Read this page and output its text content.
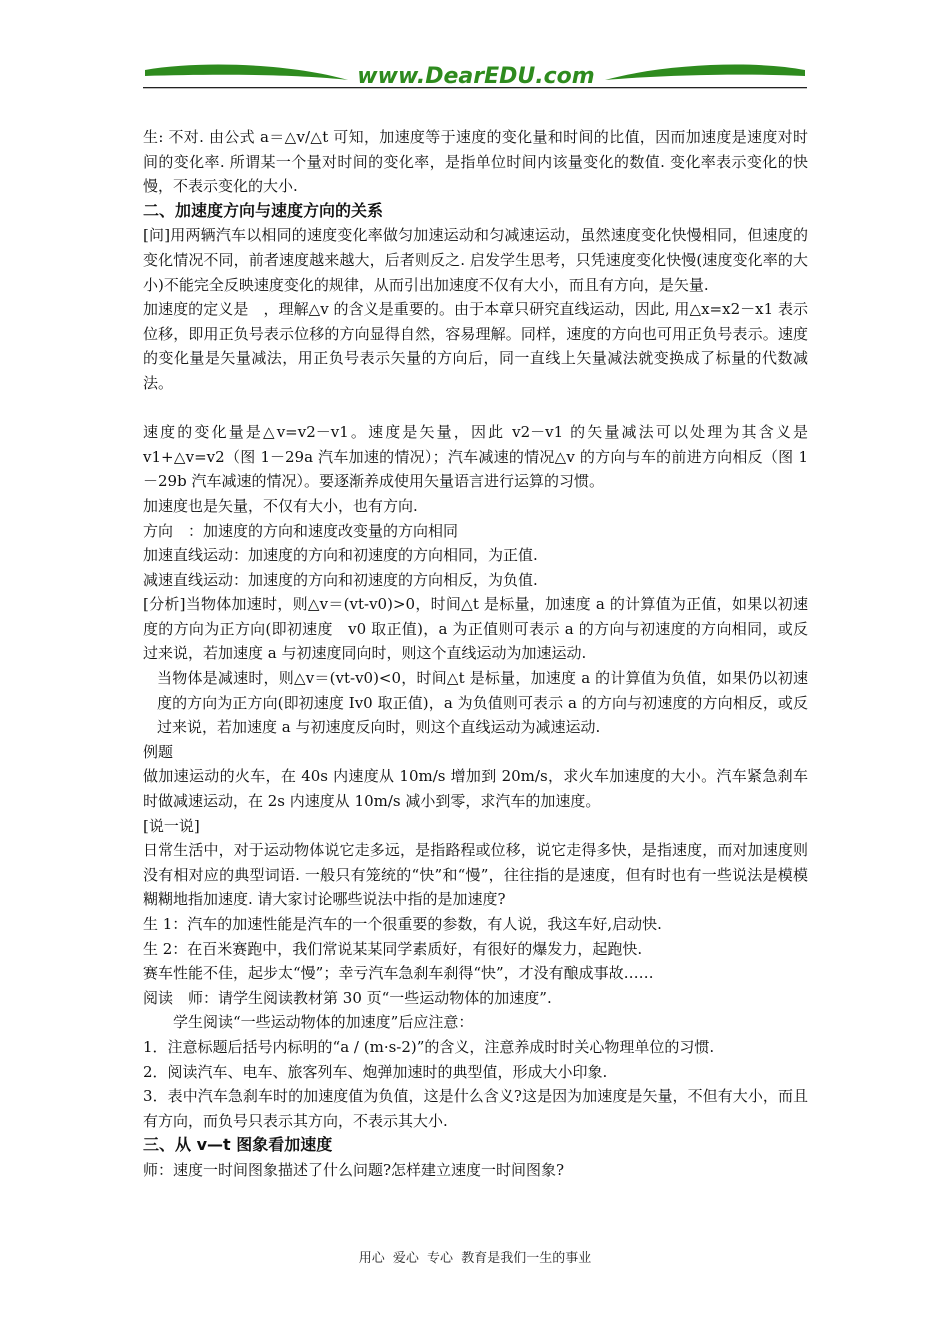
www.DearEDU.com

生: 不对. 由公式 a＝△v/△t 可知，加速度等于速度的变化量和时间的比值，因而加速度是速度对时间的变化率. 所谓某一个量对时间的变化率，是指单位时间内该量变化的数值. 变化率表示变化的快慢，不表示变化的大小.

二、加速度方向与速度方向的关系

[问]用两辆汽车以相同的速度变化率做匀加速运动和匀减速运动，虽然速度变化快慢相同，但速度的变化情况不同，前者速度越来越大，后者则反之. 启发学生思考，只凭速度变化快慢(速度变化率的大小)不能完全反映速度变化的规律，从而引出加速度不仅有大小，而且有方向，是矢量.

加速度的定义是　，理解△v 的含义是重要的。由于本章只研究直线运动，因此, 用△x=x2－x1 表示位移，即用正负号表示位移的方向显得自然，容易理解。同样，速度的方向也可用正负号表示。速度的变化量是矢量减法，用正负号表示矢量的方向后，同一直线上矢量减法就变换成了标量的代数减法。

速度的变化量是△v=v2－v1。速度是矢量，因此 v2－v1 的矢量减法可以处理为其含义是 v1+△v=v2（图 1－29a 汽车加速的情况）；汽车减速的情况△v 的方向与车的前进方向相反（图 1－29b 汽车减速的情况）。要逐渐养成使用矢量语言进行运算的习惯。

加速度也是矢量，不仅有大小，也有方向.

方向　：加速度的方向和速度改变量的方向相同

加速直线运动：加速度的方向和初速度的方向相同，为正值.

减速直线运动：加速度的方向和初速度的方向相反，为负值.

[分析]当物体加速时，则△v＝(vt-v0)>0，时间△t 是标量，加速度 a 的计算值为正值，如果以初速度的方向为正方向(即初速度　v0 取正值)，a 为正值则可表示 a 的方向与初速度的方向相同，或反过来说，若加速度 a 与初速度同向时，则这个直线运动为加速运动.

当物体是减速时，则△v＝(vt-v0)<0，时间△t 是标量，加速度 a 的计算值为负值，如果仍以初速度的方向为正方向(即初速度 Iv0 取正值)，a 为负值则可表示 a 的方向与初速度的方向相反，或反过来说，若加速度 a 与初速度反向时，则这个直线运动为减速运动.

例题

做加速运动的火车，在 40s 内速度从 10m/s 增加到 20m/s，求火车加速度的大小。汽车紧急刹车时做减速运动，在 2s 内速度从 10m/s 减小到零，求汽车的加速度。

[说一说]

日常生活中，对于运动物体说它走多远，是指路程或位移，说它走得多快，是指速度，而对加速度则没有相对应的典型词语. 一般只有笼统的“快”和“慢”，往往指的是速度，但有时也有一些说法是模模糊糊地指加速度. 请大家讨论哪些说法中指的是加速度?

生 1：汽车的加速性能是汽车的一个很重要的参数，有人说，我这车好,启动快.

生 2：在百米赛跑中，我们常说某某同学素质好，有很好的爆发力，起跑快.

赛车性能不佳，起步太“慢”；幸亏汽车急刹车刹得“快”，才没有酿成事故……

阅读　师：请学生阅读教材第 30 页“一些运动物体的加速度”.

学生阅读“一些运动物体的加速度”后应注意：

1．注意标题后括号内标明的“a / (m·s-2)”的含义，注意养成时时关心物理单位的习惯.

2．阅读汽车、电车、旅客列车、炮弹加速时的典型值，形成大小印象.

3．表中汽车急刹车时的加速度值为负值，这是什么含义?这是因为加速度是矢量，不但有大小，而且有方向，而负号只表示其方向，不表示其大小.

三、从 v—t 图象看加速度

师：速度一时间图象描述了什么问题?怎样建立速度一时间图象?

用心 爱心 专心 教育是我们一生的事业
